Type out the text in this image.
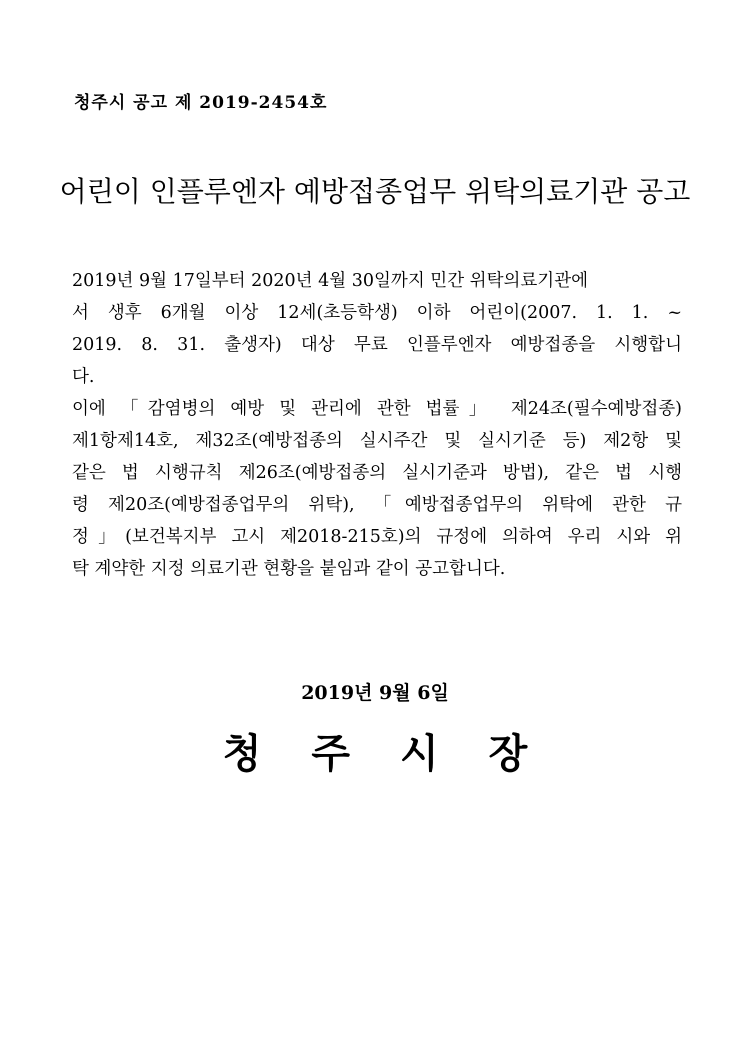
청주시 공고 제 2019-2454호
어린이 인플루엔자 예방접종업무 위탁의료기관 공고
2019년 9월 17일부터 2020년 4월 30일까지 민간 위탁의료기관에
서 생후 6개월 이상 12세(초등학생) 이하 어린이(2007. 1. 1. ~
2019. 8. 31. 출생자) 대상 무료 인플루엔자 예방접종을 시행합니
다.
이에 「감염병의 예방 및 관리에 관한 법률」 제24조(필수예방접종)
제1항제14호, 제32조(예방접종의 실시주간 및 실시기준 등) 제2항 및
같은 법 시행규칙 제26조(예방접종의 실시기준과 방법), 같은 법 시행
령 제20조(예방접종업무의 위탁), 「예방접종업무의 위탁에 관한 규
정」(보건복지부 고시 제2018-215호)의 규정에 의하여 우리 시와 위
탁 계약한 지정 의료기관 현황을 붙임과 같이 공고합니다.
2019년 9월 6일
청주시장
